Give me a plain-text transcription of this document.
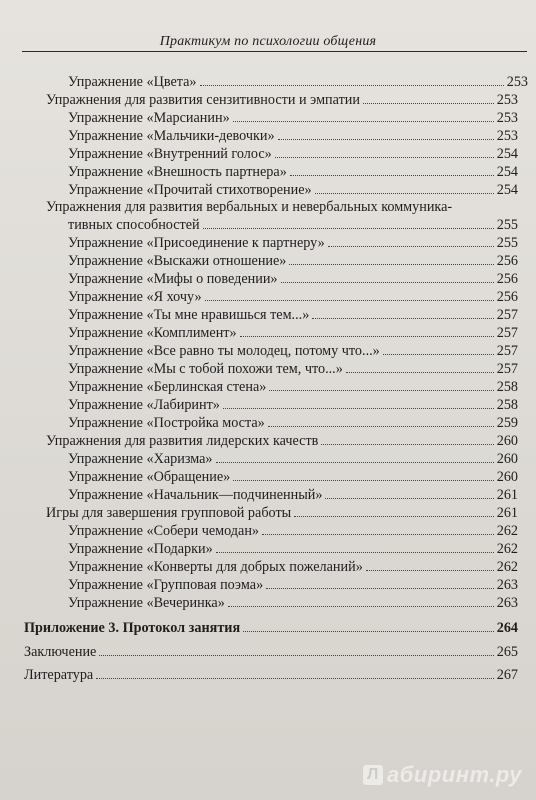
Практикум по психологии общения
Упражнение «Цвета»	253
Упражнения для развития сензитивности и эмпатии	253
Упражнение «Марсианин»	253
Упражнение «Мальчики-девочки»	253
Упражнение «Внутренний голос»	254
Упражнение «Внешность партнера»	254
Упражнение «Прочитай стихотворение»	254
Упражнения для развития вербальных и невербальных коммуника-
тивных способностей	255
Упражнение «Присоединение к партнеру»	255
Упражнение «Выскажи отношение»	256
Упражнение «Мифы о поведении»	256
Упражнение «Я хочу»	256
Упражнение «Ты мне нравишься тем...»	257
Упражнение «Комплимент»	257
Упражнение «Все равно ты молодец, потому что...»	257
Упражнение «Мы с тобой похожи тем, что...»	257
Упражнение «Берлинская стена»	258
Упражнение «Лабиринт»	258
Упражнение «Постройка моста»	259
Упражнения для развития лидерских качеств	260
Упражнение «Харизма»	260
Упражнение «Обращение»	260
Упражнение «Начальник—подчиненный»	261
Игры для завершения групповой работы	261
Упражнение «Собери чемодан»	262
Упражнение «Подарки»	262
Упражнение «Конверты для добрых пожеланий»	262
Упражнение «Групповая поэма»	263
Упражнение «Вечеринка»	263
Приложение 3. Протокол занятия	264
Заключение	265
Литература	267
Л абиринт.ру
